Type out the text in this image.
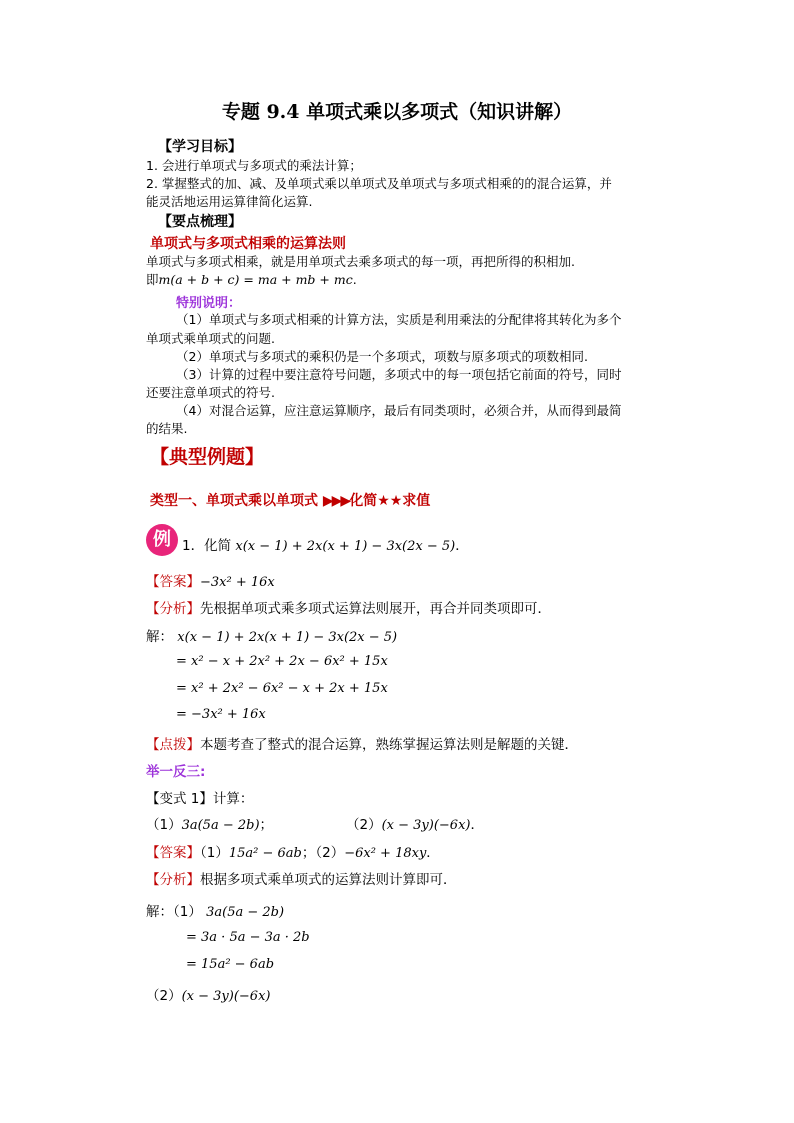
专题 9.4 单项式乘以多项式（知识讲解）
【学习目标】
1. 会进行单项式与多项式的乘法计算；
2. 掌握整式的加、减、及单项式乘以单项式及单项式与多项式相乘的的混合运算，并
能灵活地运用运算律简化运算.
【要点梳理】
单项式与多项式相乘的运算法则
单项式与多项式相乘，就是用单项式去乘多项式的每一项，再把所得的积相加.
即m(a + b + c) = ma + mb + mc.
特别说明：
（1）单项式与多项式相乘的计算方法，实质是利用乘法的分配律将其转化为多个
单项式乘单项式的问题.
（2）单项式与多项式的乘积仍是一个多项式，项数与原多项式的项数相同.
（3）计算的过程中要注意符号问题，多项式中的每一项包括它前面的符号，同时
还要注意单项式的符号.
（4）对混合运算，应注意运算顺序，最后有同类项时，必须合并，从而得到最简
的结果.
【典型例题】
类型一、单项式乘以单项式 ▶▶▶化简★★求值
例 1．化简 x(x − 1) + 2x(x + 1) − 3x(2x − 5)．
【答案】−3x² + 16x
【分析】先根据单项式乘多项式运算法则展开，再合并同类项即可．
解： x(x − 1) + 2x(x + 1) − 3x(2x − 5)
= x² − x + 2x² + 2x − 6x² + 15x
= x² + 2x² − 6x² − x + 2x + 15x
= −3x² + 16x
【点拨】本题考查了整式的混合运算，熟练掌握运算法则是解题的关键．
举一反三:
【变式 1】计算：
（1）3a(5a − 2b)；	（2）(x − 3y)(−6x)．
【答案】（1）15a² − 6ab；（2）−6x² + 18xy．
【分析】根据多项式乘单项式的运算法则计算即可．
解：（1） 3a(5a − 2b)
= 3a · 5a − 3a · 2b
= 15a² − 6ab
（2）(x − 3y)(−6x)
